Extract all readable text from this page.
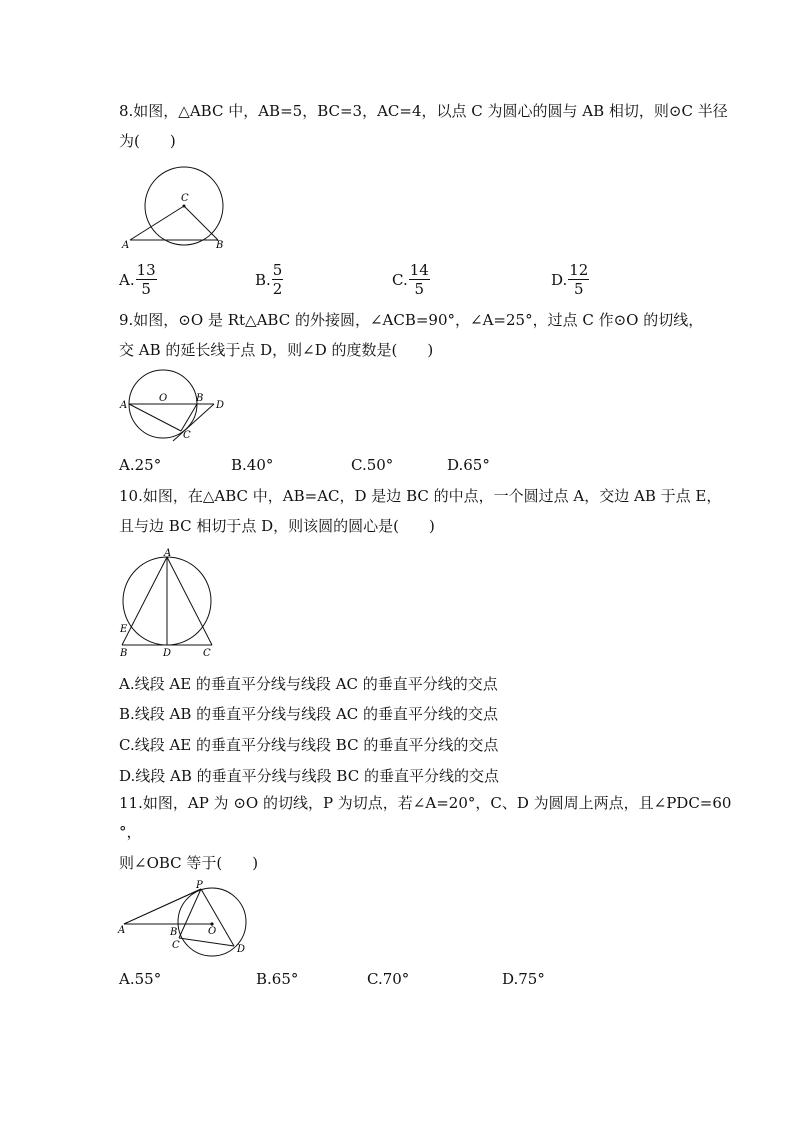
8.如图，△ABC 中，AB=5，BC=3，AC=4，以点 C 为圆心的圆与 AB 相切，则⊙C 半径
为(　　)
C
A	B
A. $\frac{13}{5}$	B. $\frac{5}{2}$	C. $\frac{14}{5}$	D. $\frac{12}{5}$
9.如图，⊙O 是 Rt△ABC 的外接圆，∠ACB=90°，∠A=25°，过点 C 作⊙O 的切线，
交 AB 的延长线于点 D，则∠D 的度数是(　　)
A
O	B
D
C
A.25°	B.40°	C.50°	D.65°
10.如图，在△ABC 中，AB=AC，D 是边 BC 的中点，一个圆过点 A，交边 AB 于点 E，
且与边 BC 相切于点 D，则该圆的圆心是(　　)
A
E
B	D	C
A.线段 AE 的垂直平分线与线段 AC 的垂直平分线的交点
B.线段 AB 的垂直平分线与线段 AC 的垂直平分线的交点
C.线段 AE 的垂直平分线与线段 BC 的垂直平分线的交点
D.线段 AB 的垂直平分线与线段 BC 的垂直平分线的交点
11.如图，AP 为 ⊙O 的切线，P 为切点，若∠A=20°，C、D 为圆周上两点，且∠PDC=60
°，
则∠OBC 等于(　　)
P
A	B	O
C	D
A.55°	B.65°	C.70°	D.75°
